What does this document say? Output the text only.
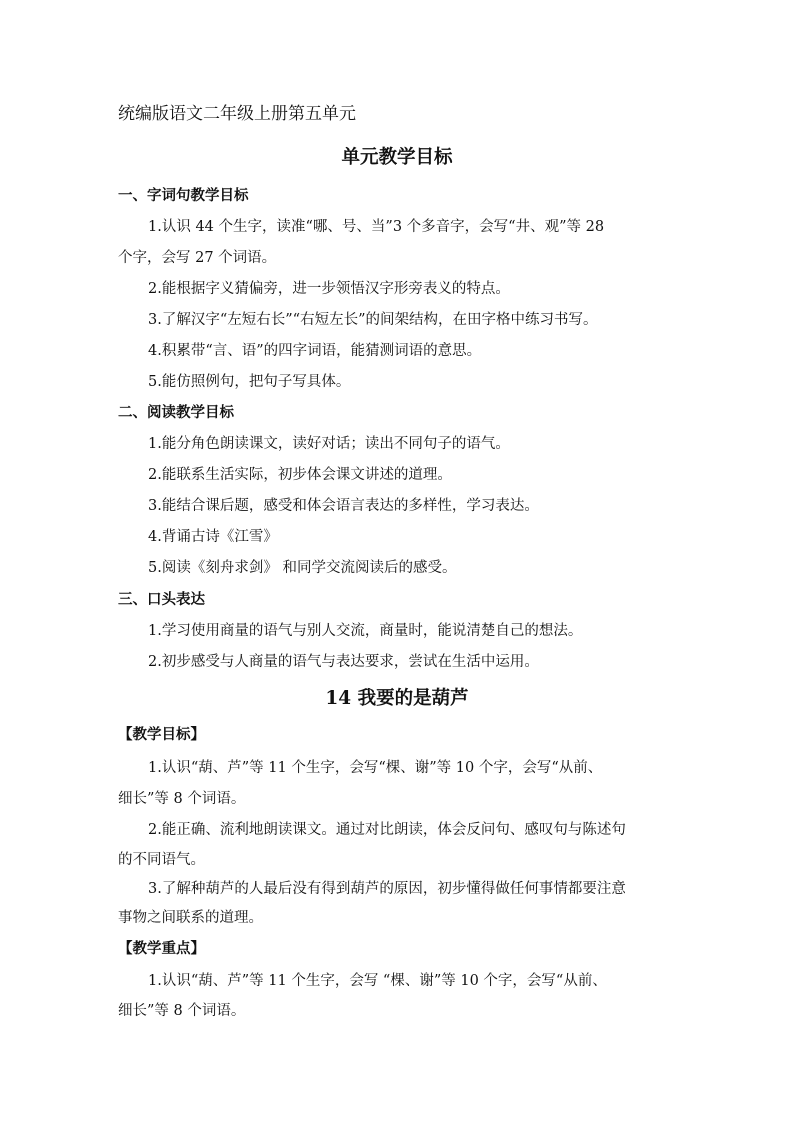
统编版语文二年级上册第五单元
单元教学目标
一、字词句教学目标
1.认识 44 个生字，读准“哪、号、当”3 个多音字，会写“井、观”等 28
个字，会写 27 个词语。
2.能根据字义猜偏旁，进一步领悟汉字形旁表义的特点。
3.了解汉字“左短右长”“右短左长”的间架结构，在田字格中练习书写。
4.积累带“言、语”的四字词语，能猜测词语的意思。
5.能仿照例句，把句子写具体。
二、阅读教学目标
1.能分角色朗读课文，读好对话；读出不同句子的语气。
2.能联系生活实际，初步体会课文讲述的道理。
3.能结合课后题，感受和体会语言表达的多样性，学习表达。
4.背诵古诗《江雪》
5.阅读《刻舟求剑》 和同学交流阅读后的感受。
三、口头表达
1.学习使用商量的语气与别人交流，商量时，能说清楚自己的想法。
2.初步感受与人商量的语气与表达要求，尝试在生活中运用。
14 我要的是葫芦
【教学目标】
1.认识“葫、芦”等 11 个生字，会写“棵、谢”等 10 个字，会写“从前、
细长”等 8 个词语。
2.能正确、流利地朗读课文。通过对比朗读，体会反问句、感叹句与陈述句
的不同语气。
3.了解种葫芦的人最后没有得到葫芦的原因，初步懂得做任何事情都要注意
事物之间联系的道理。
【教学重点】
1.认识“葫、芦”等 11 个生字，会写 “棵、谢”等 10 个字，会写“从前、
细长”等 8 个词语。
